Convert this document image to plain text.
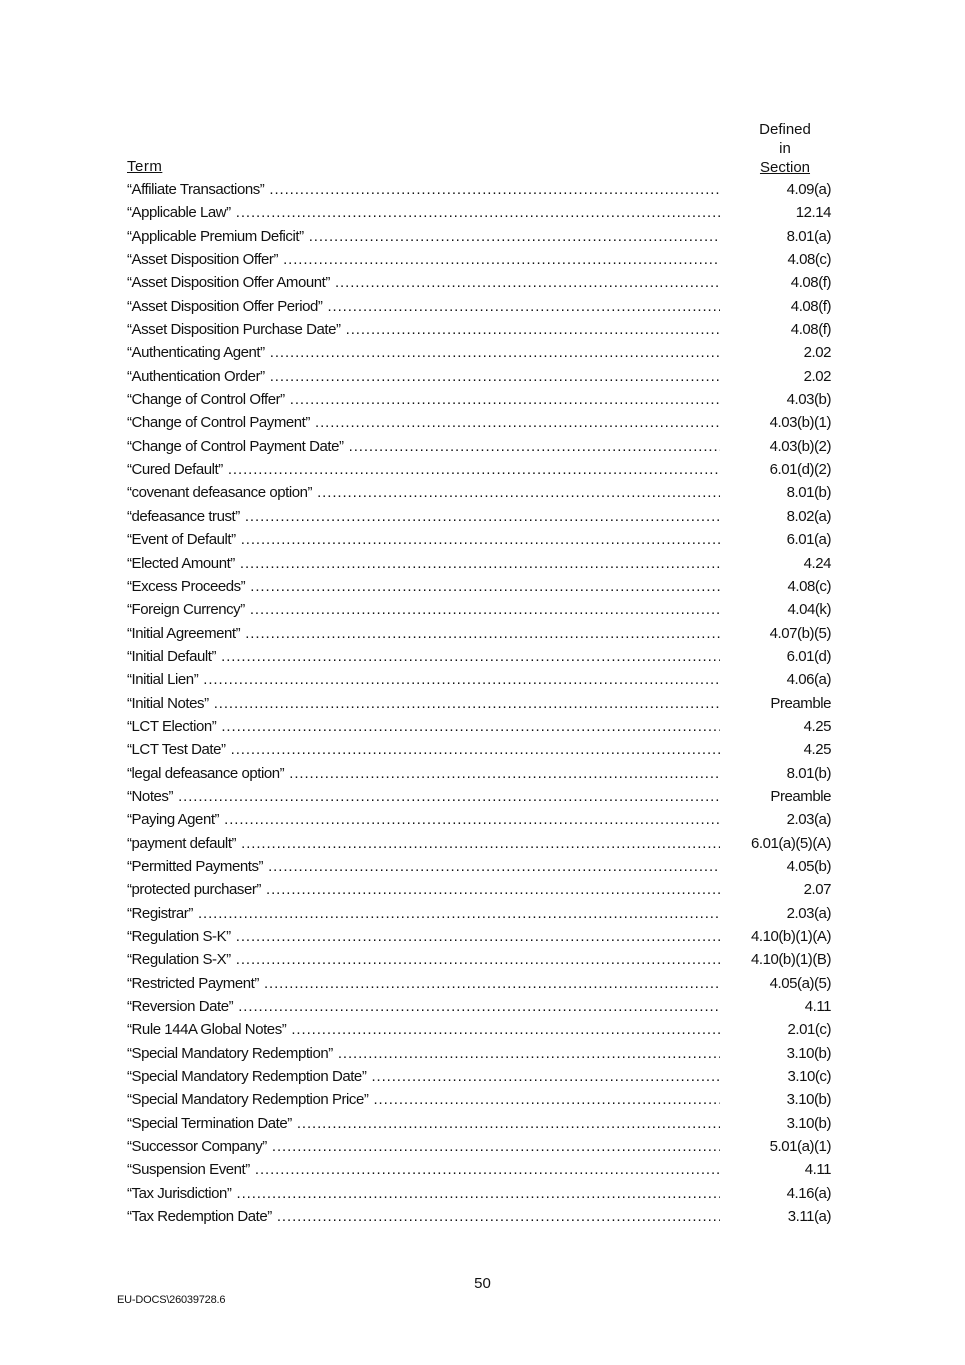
Term
Defined
in
Section
“Affiliate Transactions” .....	4.09(a)
“Applicable Law” .....	12.14
“Applicable Premium Deficit” .....	8.01(a)
“Asset Disposition Offer” .....	4.08(c)
“Asset Disposition Offer Amount” .....	4.08(f)
“Asset Disposition Offer Period” .....	4.08(f)
“Asset Disposition Purchase Date” .....	4.08(f)
“Authenticating Agent” .....	2.02
“Authentication Order” .....	2.02
“Change of Control Offer” .....	4.03(b)
“Change of Control Payment” .....	4.03(b)(1)
“Change of Control Payment Date” .....	4.03(b)(2)
“Cured Default” .....	6.01(d)(2)
“covenant defeasance option” .....	8.01(b)
“defeasance trust” .....	8.02(a)
“Event of Default” .....	6.01(a)
“Elected Amount” .....	4.24
“Excess Proceeds” .....	4.08(c)
“Foreign Currency” .....	4.04(k)
“Initial Agreement” .....	4.07(b)(5)
“Initial Default” .....	6.01(d)
“Initial Lien” .....	4.06(a)
“Initial Notes” .....	Preamble
“LCT Election” .....	4.25
“LCT Test Date” .....	4.25
“legal defeasance option” .....	8.01(b)
“Notes” .....	Preamble
“Paying Agent” .....	2.03(a)
“payment default” .....	6.01(a)(5)(A)
“Permitted Payments” .....	4.05(b)
“protected purchaser” .....	2.07
“Registrar” .....	2.03(a)
“Regulation S-K” .....	4.10(b)(1)(A)
“Regulation S-X” .....	4.10(b)(1)(B)
“Restricted Payment” .....	4.05(a)(5)
“Reversion Date” .....	4.11
“Rule 144A Global Notes” .....	2.01(c)
“Special Mandatory Redemption” .....	3.10(b)
“Special Mandatory Redemption Date” .....	3.10(c)
“Special Mandatory Redemption Price” .....	3.10(b)
“Special Termination Date” .....	3.10(b)
“Successor Company” .....	5.01(a)(1)
“Suspension Event” .....	4.11
“Tax Jurisdiction” .....	4.16(a)
“Tax Redemption Date” .....	3.11(a)
50
EU-DOCS\26039728.6
